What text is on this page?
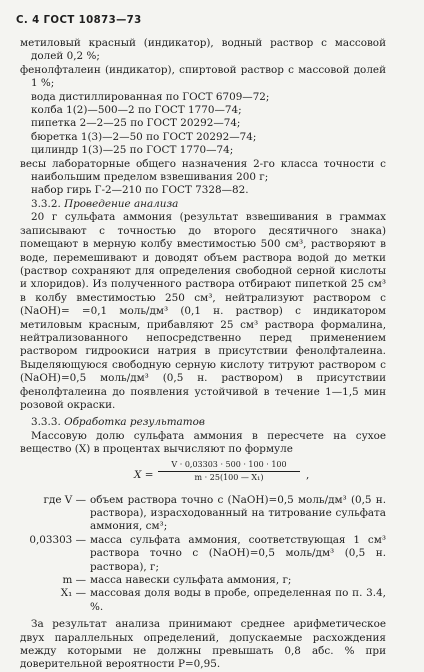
С. 4 ГОСТ 10873—73
метиловый красный (индикатор), водный раствор с массовой долей 0,2 %;
фенолфталеин (индикатор), спиртовой раствор с массовой долей 1 %;
вода дистиллированная по ГОСТ 6709—72;
колба 1(2)—500—2 по ГОСТ 1770—74;
пипетка 2—2—25 по ГОСТ 20292—74;
бюретка 1(3)—2—50 по ГОСТ 20292—74;
цилиндр 1(3)—25 по ГОСТ 1770—74;
весы лабораторные общего назначения 2-го класса точности с наибольшим пределом взвешивания 200 г;
набор гирь Г-2—210 по ГОСТ 7328—82.
3.3.2. Проведение анализа
20 г сульфата аммония (результат взвешивания в граммах записывают с точностью до второго десятичного знака) помещают в мерную колбу вместимостью 500 см³, растворяют в воде, перемешивают и доводят объем раствора водой до метки (раствор сохраняют для определения свободной серной кислоты и хлоридов). Из полученного раствора отбирают пипеткой 25 см³ в колбу вместимостью 250 см³, нейтрализуют раствором с (NaOH)= =0,1 моль/дм³ (0,1 н. раствор) с индикатором метиловым красным, прибавляют 25 см³ раствора формалина, нейтрализованного непосредственно перед применением раствором гидроокиси натрия в присутствии фенолфталеина. Выделяющуюся свободную серную кислоту титруют раствором с (NaOH)=0,5 моль/дм³ (0,5 н. раствором) в присутствии фенолфталеина до появления устойчивой в течение 1—1,5 мин розовой окраски.
3.3.3. Обработка результатов
Массовую долю сульфата аммония в пересчете на сухое вещество (X) в процентах вычисляют по формуле
$X = \frac{V \cdot 0,03303 \cdot 500 \cdot 100 \cdot 100}{\text{m · 25(100 — X₁)}}$ ,
где V — объем раствора точно с (NaOH)=0,5 моль/дм³ (0,5 н. раствора), израсходованный на титрование сульфата аммония, см³;
0,03303 — масса сульфата аммония, соответствующая 1 см³ раствора точно с (NaOH)=0,5 моль/дм³ (0,5 н. раствора), г;
m — масса навески сульфата аммония, г;
X₁ — массовая доля воды в пробе, определенная по п. 3.4, %.
За результат анализа принимают среднее арифметическое двух параллельных определений, допускаемые расхождения между которыми не должны превышать 0,8 абс. % при доверительной вероятности P=0,95.
